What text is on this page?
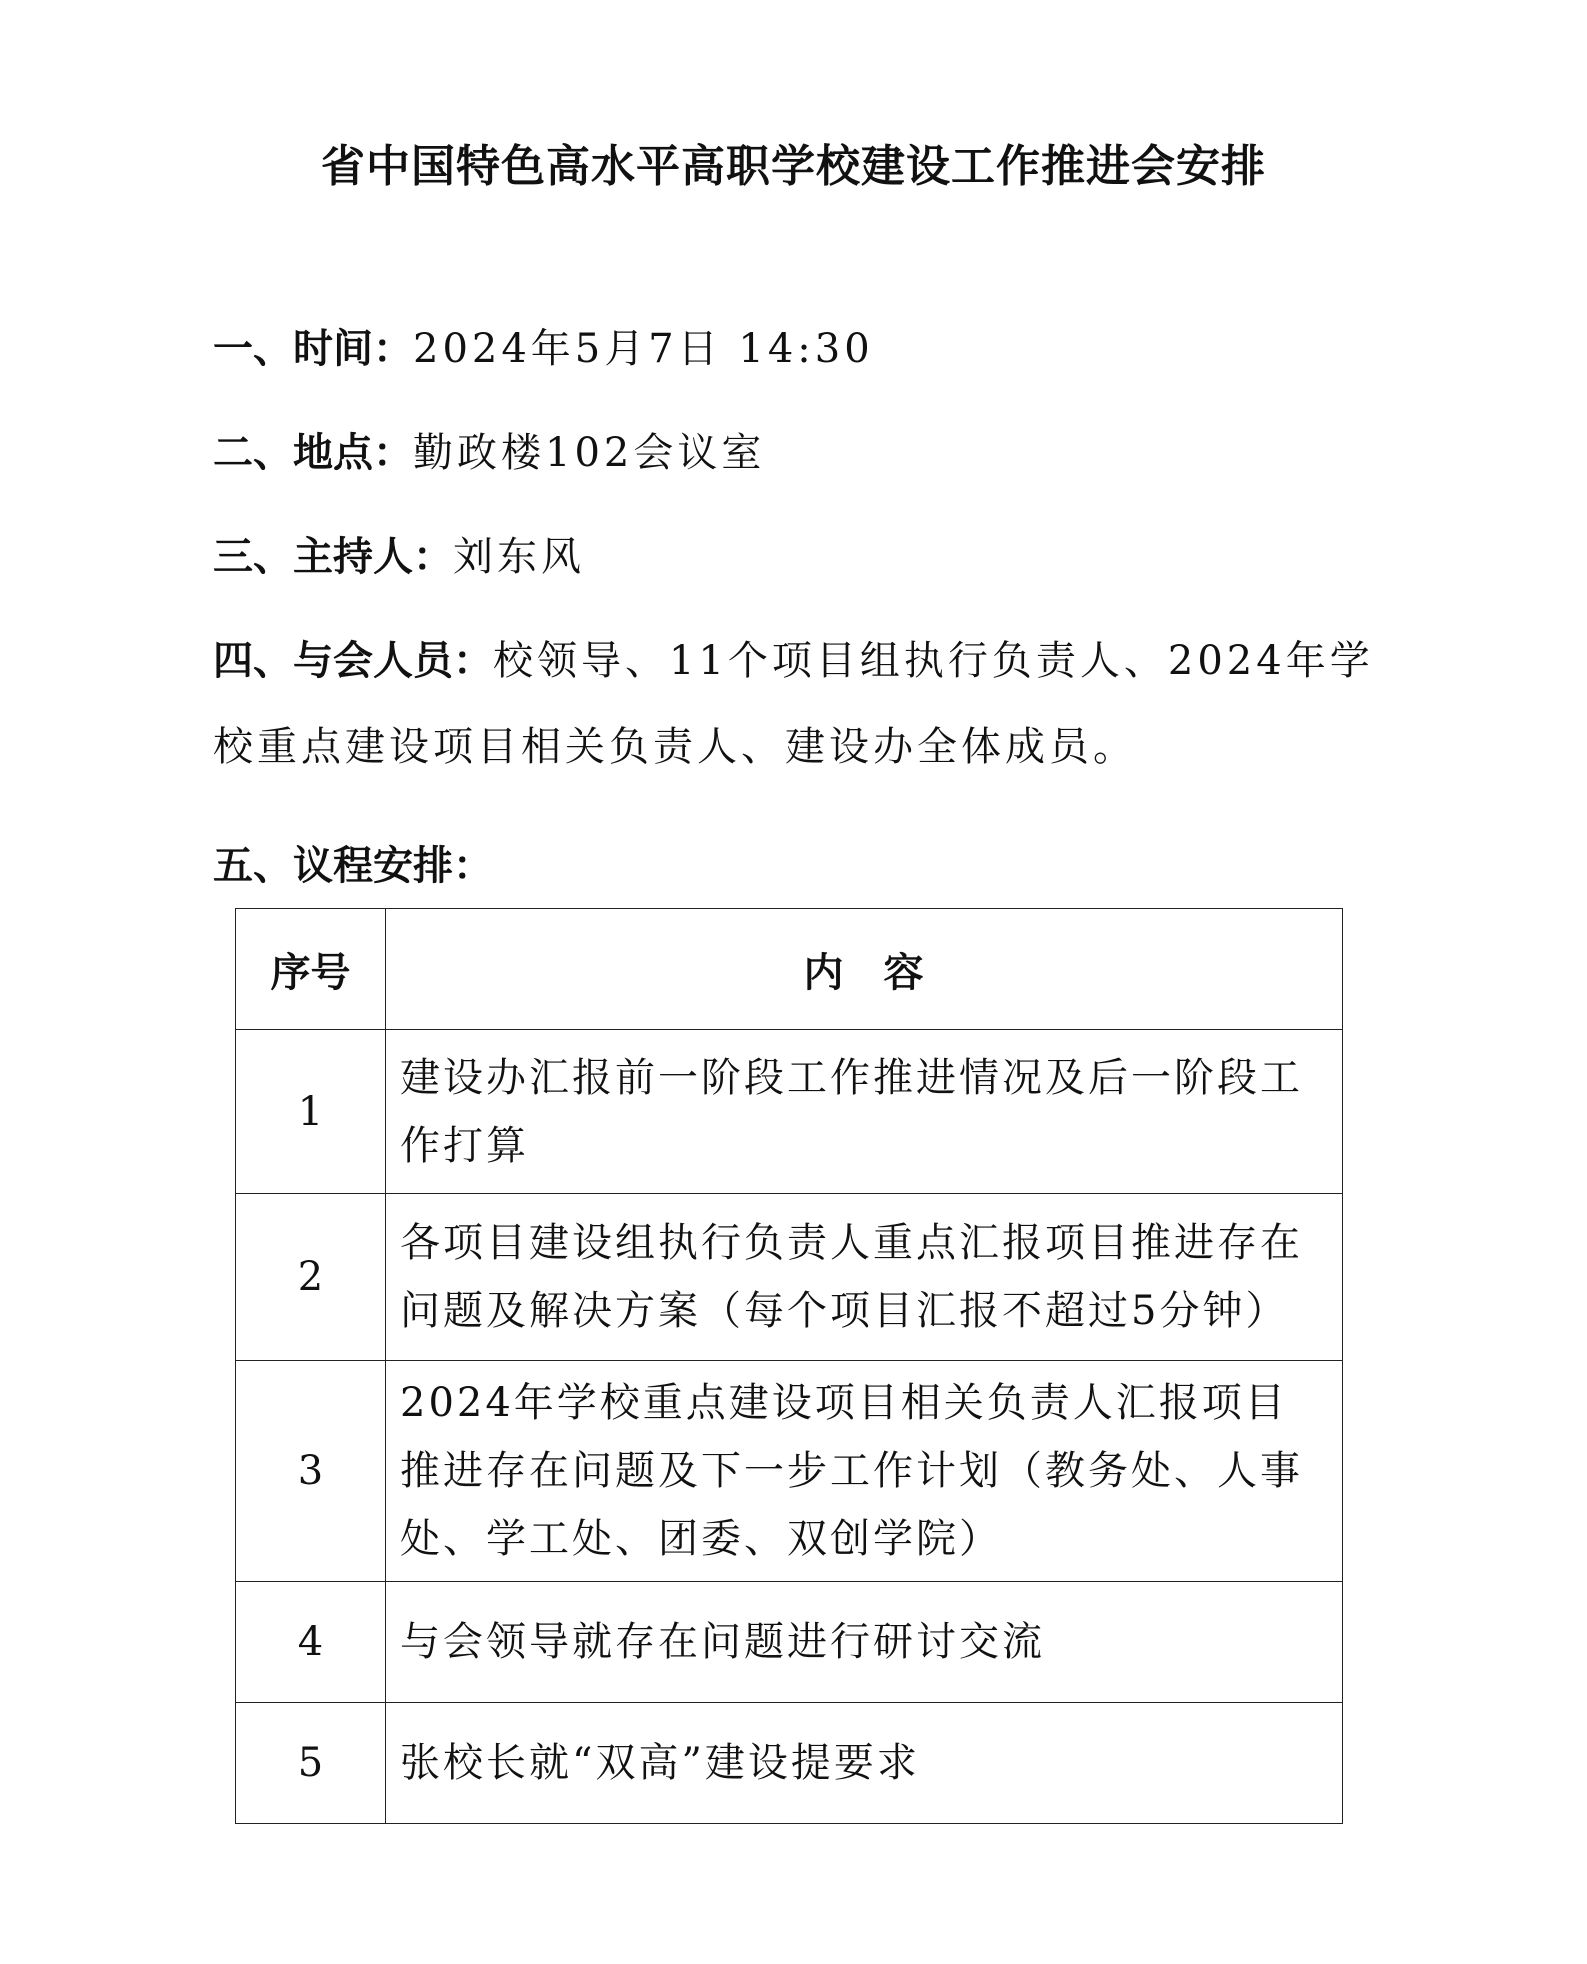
省中国特色高水平高职学校建设工作推进会安排

一、时间：2024年5月7日 14:30

二、地点：勤政楼102会议室

三、主持人：刘东风

四、与会人员：校领导、11个项目组执行负责人、2024年学校重点建设项目相关负责人、建设办全体成员。

五、议程安排：

序号	内容
1	建设办汇报前一阶段工作推进情况及后一阶段工作打算
2	各项目建设组执行负责人重点汇报项目推进存在问题及解决方案（每个项目汇报不超过5分钟）
3	2024年学校重点建设项目相关负责人汇报项目推进存在问题及下一步工作计划（教务处、人事处、学工处、团委、双创学院）
4	与会领导就存在问题进行研讨交流
5	张校长就“双高”建设提要求
